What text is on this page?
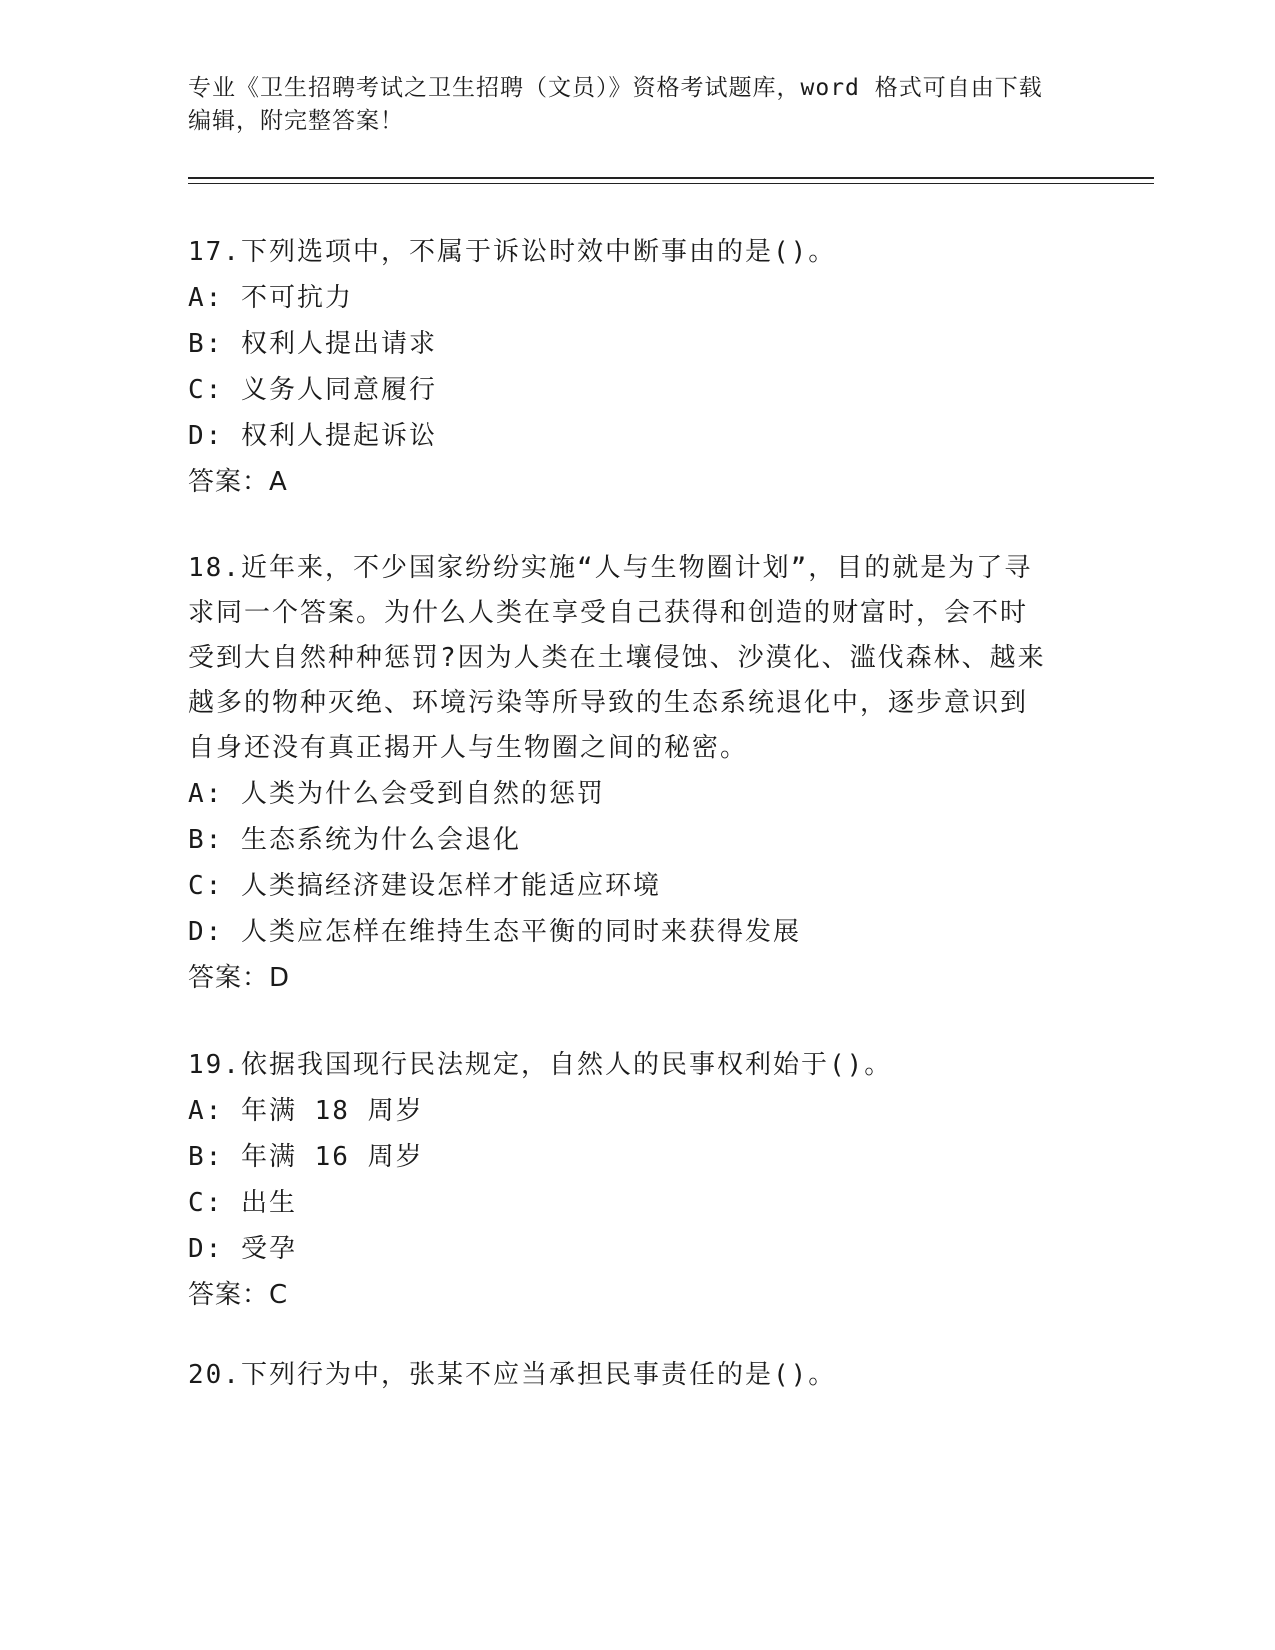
专业《卫生招聘考试之卫生招聘（文员）》资格考试题库，word 格式可自由下载
编辑，附完整答案！
17.下列选项中，不属于诉讼时效中断事由的是()。
A: 不可抗力
B: 权利人提出请求
C: 义务人同意履行
D: 权利人提起诉讼
答案：A
18.近年来，不少国家纷纷实施“人与生物圈计划”，目的就是为了寻
求同一个答案。为什么人类在享受自己获得和创造的财富时，会不时
受到大自然种种惩罚?因为人类在土壤侵蚀、沙漠化、滥伐森林、越来
越多的物种灭绝、环境污染等所导致的生态系统退化中，逐步意识到
自身还没有真正揭开人与生物圈之间的秘密。
A: 人类为什么会受到自然的惩罚
B: 生态系统为什么会退化
C: 人类搞经济建设怎样才能适应环境
D: 人类应怎样在维持生态平衡的同时来获得发展
答案：D
19.依据我国现行民法规定，自然人的民事权利始于()。
A: 年满 18 周岁
B: 年满 16 周岁
C: 出生
D: 受孕
答案：C
20.下列行为中，张某不应当承担民事责任的是()。
